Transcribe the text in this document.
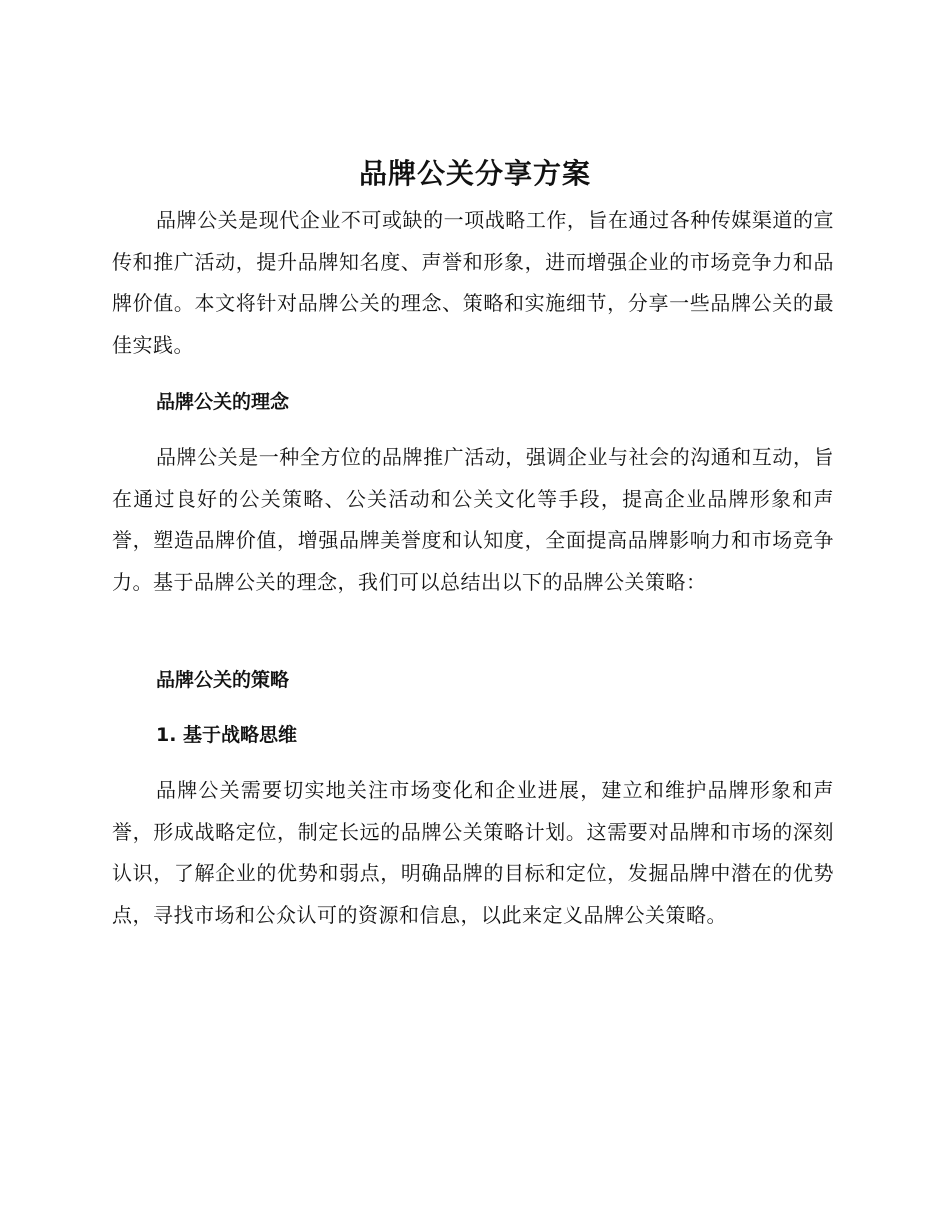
品牌公关分享方案

品牌公关是现代企业不可或缺的一项战略工作，旨在通过各种传媒渠道的宣传和推广活动，提升品牌知名度、声誉和形象，进而增强企业的市场竞争力和品牌价值。本文将针对品牌公关的理念、策略和实施细节，分享一些品牌公关的最佳实践。

品牌公关的理念

品牌公关是一种全方位的品牌推广活动，强调企业与社会的沟通和互动，旨在通过良好的公关策略、公关活动和公关文化等手段，提高企业品牌形象和声誉，塑造品牌价值，增强品牌美誉度和认知度，全面提高品牌影响力和市场竞争力。基于品牌公关的理念，我们可以总结出以下的品牌公关策略：

品牌公关的策略
1. 基于战略思维

品牌公关需要切实地关注市场变化和企业进展，建立和维护品牌形象和声誉，形成战略定位，制定长远的品牌公关策略计划。这需要对品牌和市场的深刻认识，了解企业的优势和弱点，明确品牌的目标和定位，发掘品牌中潜在的优势点，寻找市场和公众认可的资源和信息，以此来定义品牌公关策略。
